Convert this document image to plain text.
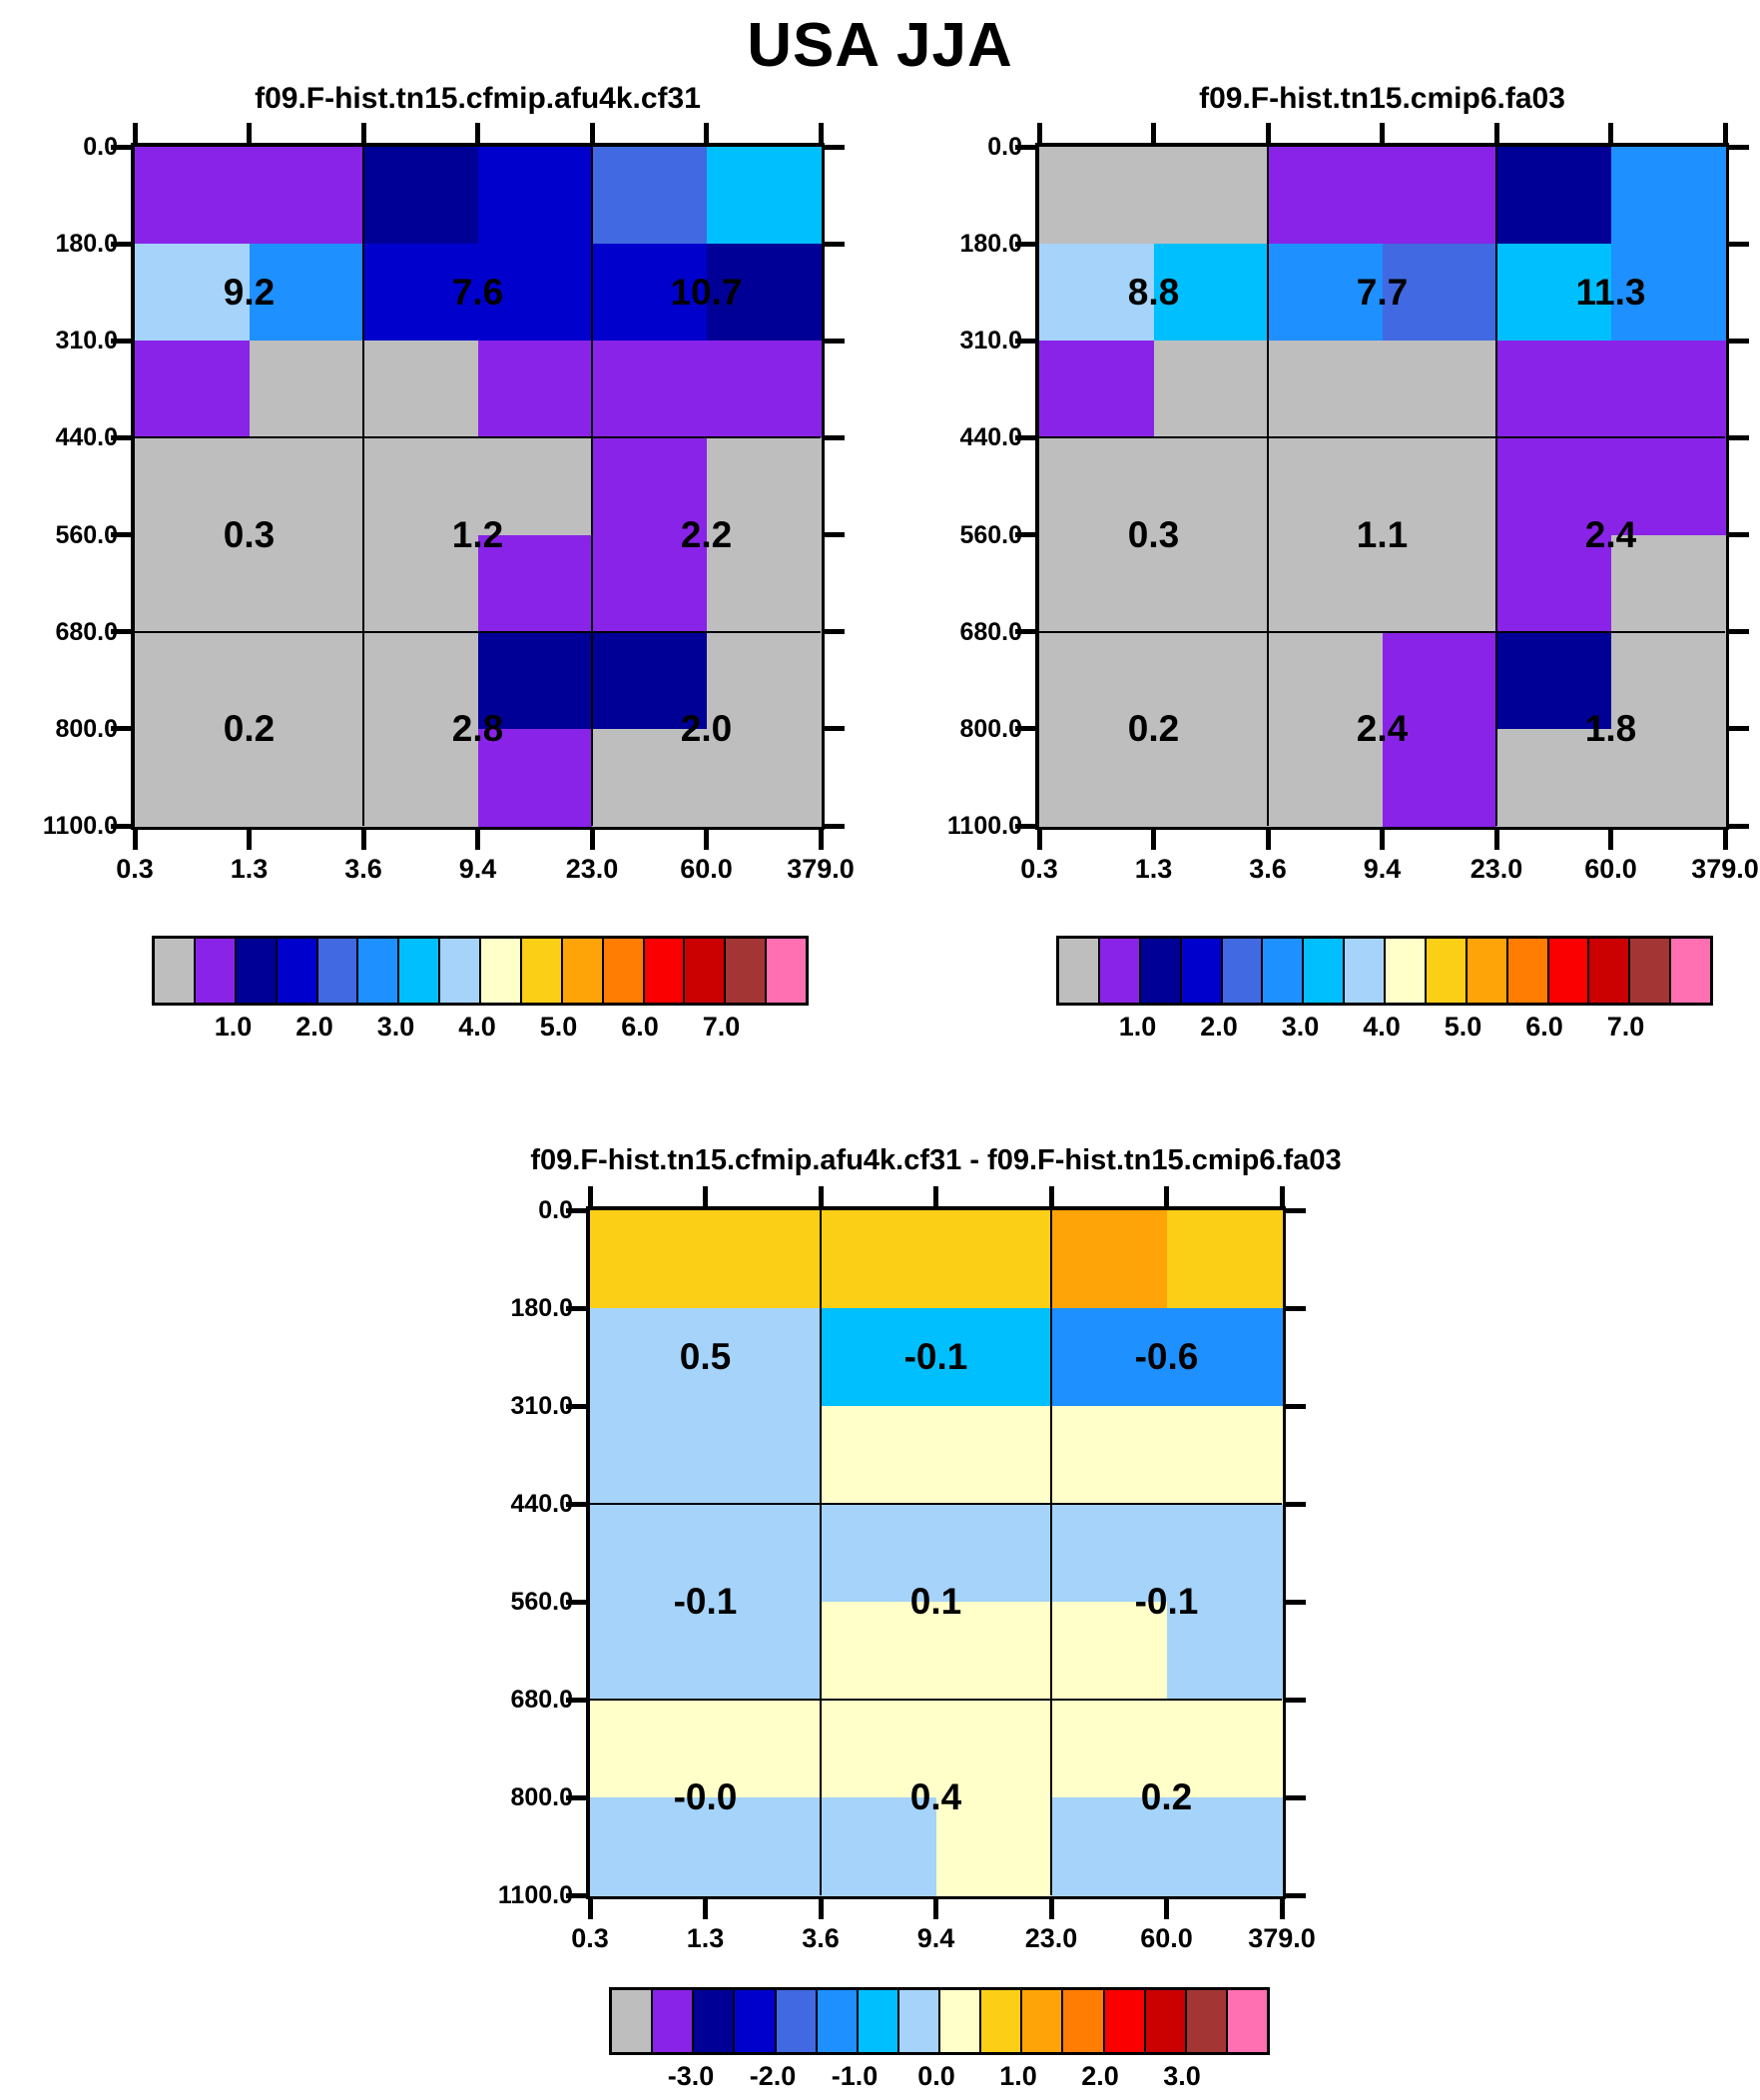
USA JJA
f09.F-hist.tn15.cfmip.afu4k.cf31
9.2	7.6	10.7
0.3	1.2	2.2
0.2	2.8	2.0
0.0
180.0
310.0
440.0
560.0
680.0
800.0
1100.0
0.3	1.3	3.6	9.4	23.0	60.0	379.0
1.0	2.0	3.0	4.0	5.0	6.0	7.0
f09.F-hist.tn15.cmip6.fa03
8.8	7.7	11.3
0.3	1.1	2.4
0.2	2.4	1.8
0.0
180.0
310.0
440.0
560.0
680.0
800.0
1100.0
0.3	1.3	3.6	9.4	23.0	60.0	379.0
1.0	2.0	3.0	4.0	5.0	6.0	7.0
f09.F-hist.tn15.cfmip.afu4k.cf31 - f09.F-hist.tn15.cmip6.fa03
0.5	-0.1	-0.6
-0.1	0.1	-0.1
-0.0	0.4	0.2
0.0
180.0
310.0
440.0
560.0
680.0
800.0
1100.0
0.3	1.3	3.6	9.4	23.0	60.0	379.0
-3.0	-2.0	-1.0	0.0	1.0	2.0	3.0
